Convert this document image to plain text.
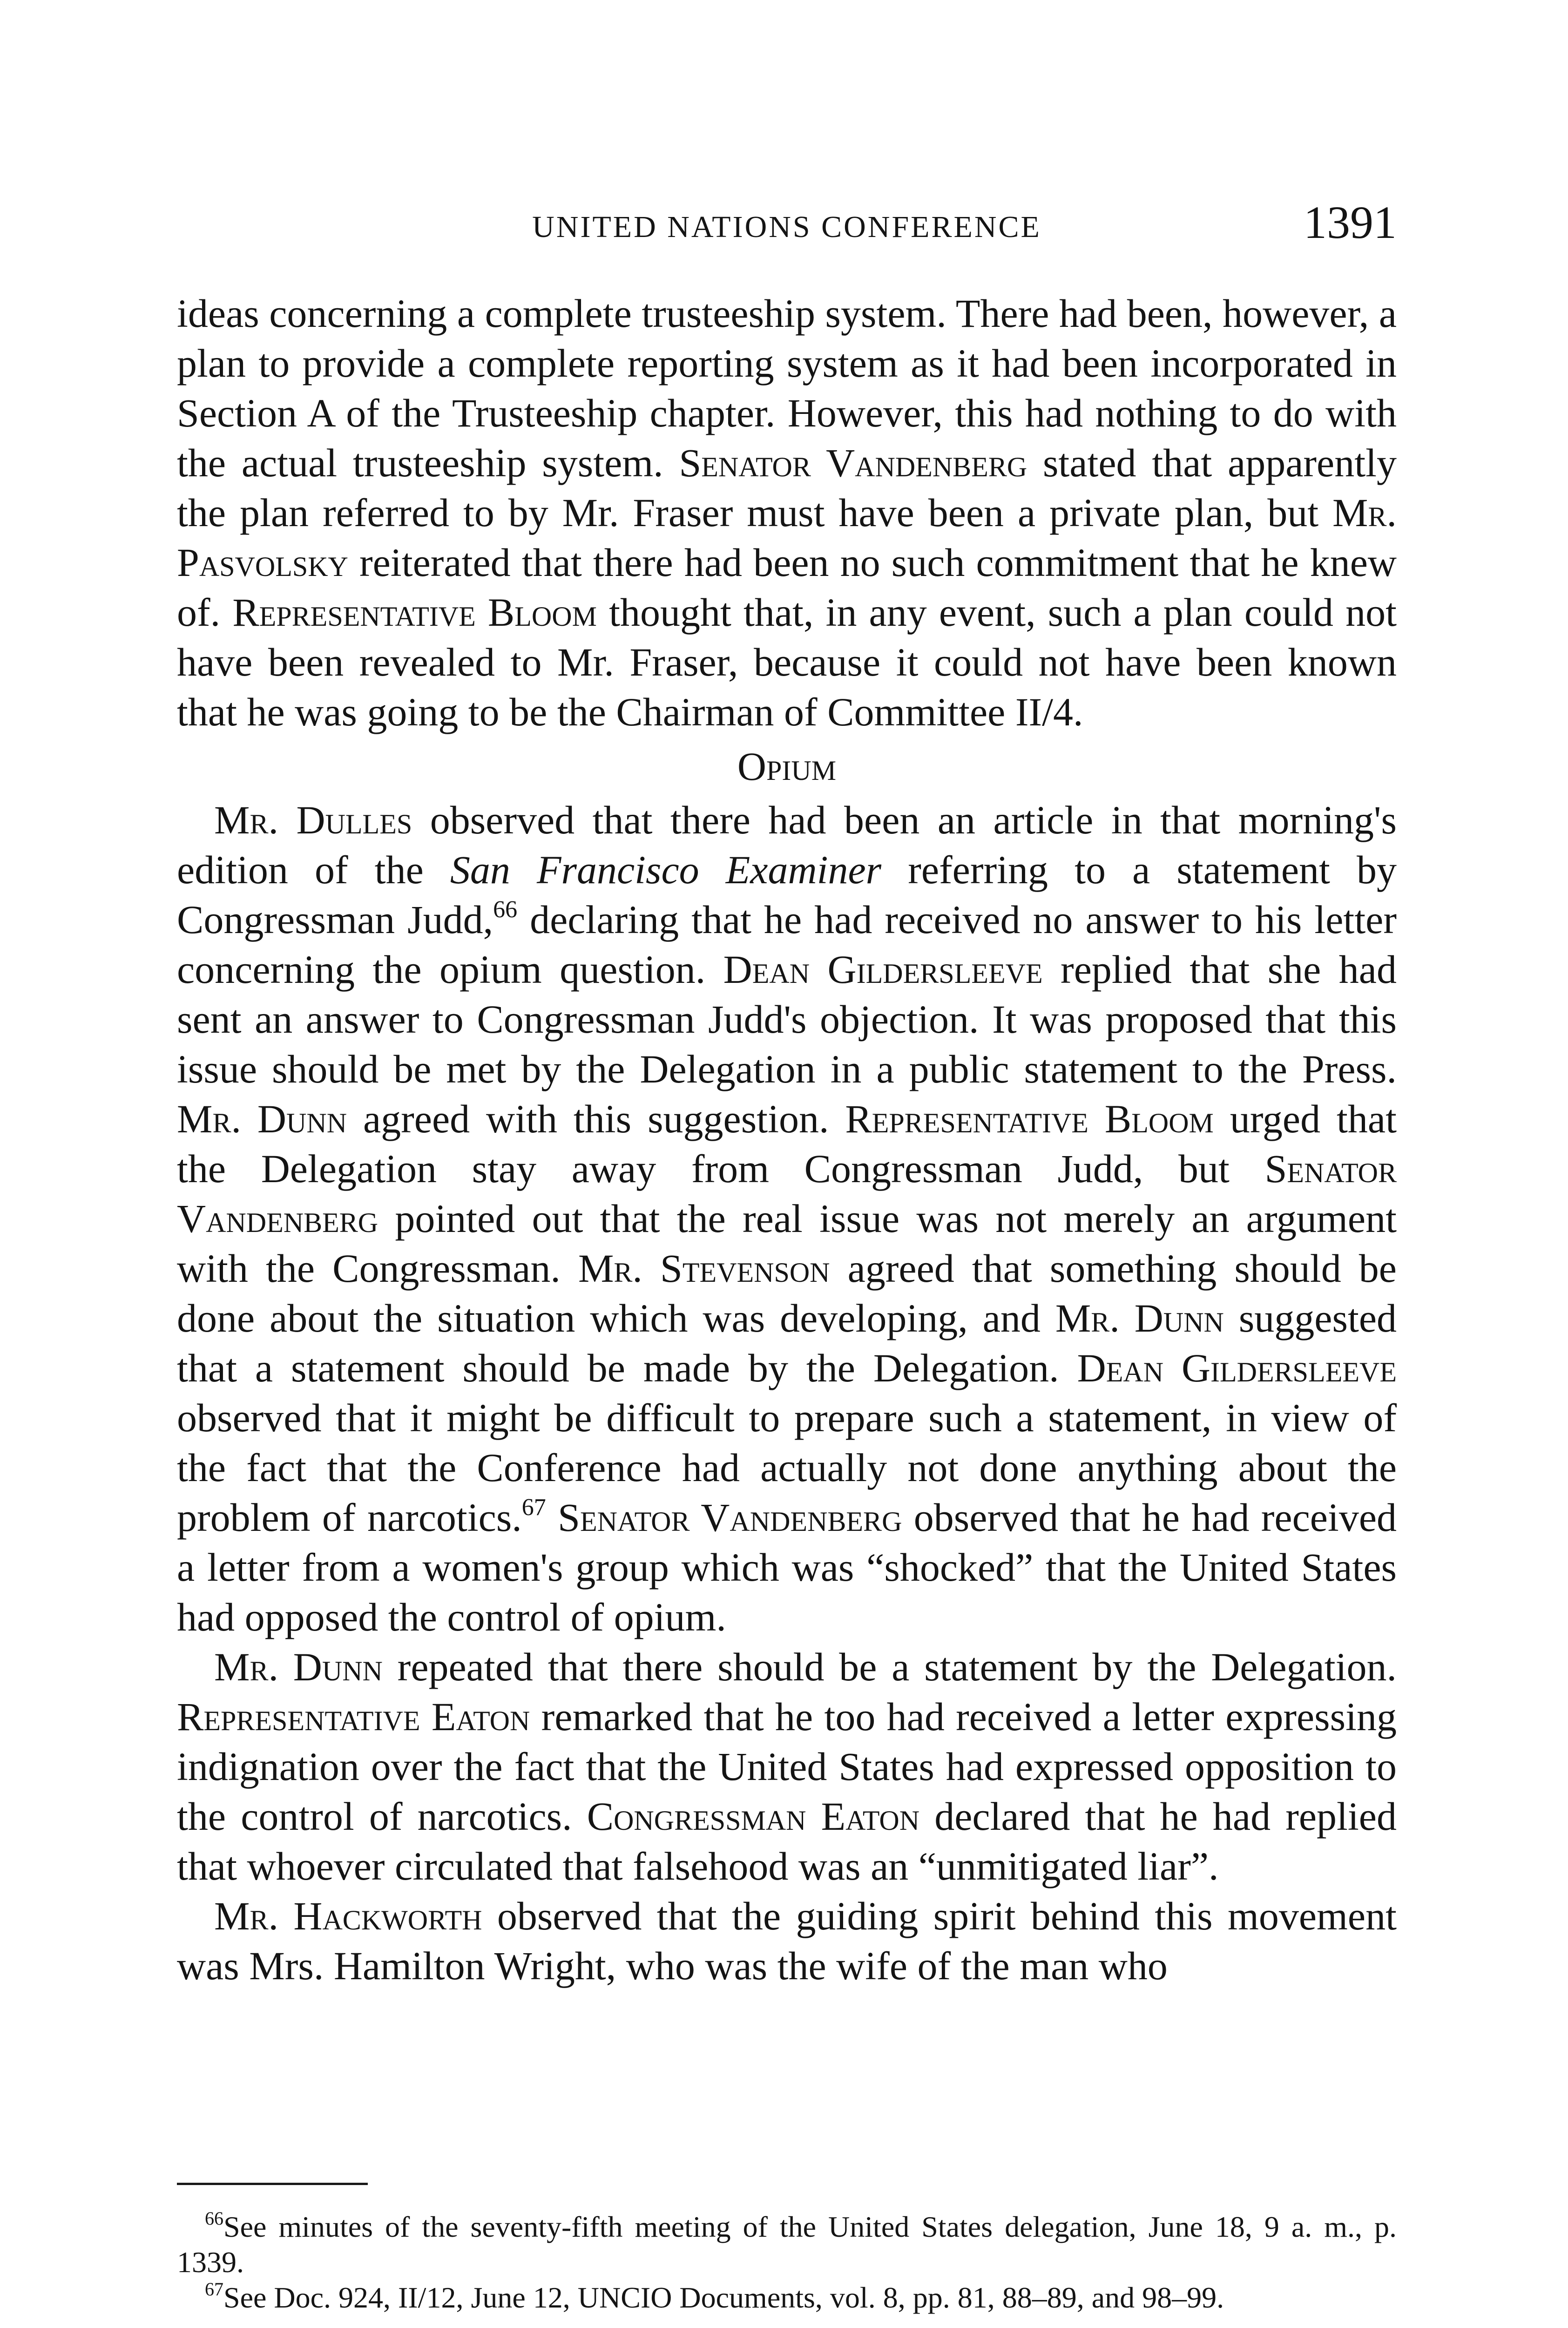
UNITED NATIONS CONFERENCE	1391

ideas concerning a complete trusteeship system. There had been, however, a plan to provide a complete reporting system as it had been incorporated in Section A of the Trusteeship chapter. However, this had nothing to do with the actual trusteeship system. Senator Vandenberg stated that apparently the plan referred to by Mr. Fraser must have been a private plan, but Mr. Pasvolsky reiterated that there had been no such commitment that he knew of. Representative Bloom thought that, in any event, such a plan could not have been revealed to Mr. Fraser, because it could not have been known that he was going to be the Chairman of Committee II/4.

Opium

Mr. Dulles observed that there had been an article in that morning's edition of the San Francisco Examiner referring to a statement by Congressman Judd,$^{66}$ declaring that he had received no answer to his letter concerning the opium question. Dean Gildersleeve replied that she had sent an answer to Congressman Judd's objection. It was proposed that this issue should be met by the Delegation in a public statement to the Press. Mr. Dunn agreed with this suggestion. Representative Bloom urged that the Delegation stay away from Congressman Judd, but Senator Vandenberg pointed out that the real issue was not merely an argument with the Congressman. Mr. Stevenson agreed that something should be done about the situation which was developing, and Mr. Dunn suggested that a statement should be made by the Delegation. Dean Gildersleeve observed that it might be difficult to prepare such a statement, in view of the fact that the Conference had actually not done anything about the problem of narcotics.$^{67}$ Senator Vandenberg observed that he had received a letter from a women's group which was “shocked” that the United States had opposed the control of opium.

Mr. Dunn repeated that there should be a statement by the Delegation. Representative Eaton remarked that he too had received a letter expressing indignation over the fact that the United States had expressed opposition to the control of narcotics. Congressman Eaton declared that he had replied that whoever circulated that falsehood was an “unmitigated liar”.

Mr. Hackworth observed that the guiding spirit behind this movement was Mrs. Hamilton Wright, who was the wife of the man who

$^{66}$See minutes of the seventy-fifth meeting of the United States delegation, June 18, 9 a. m., p. 1339.

$^{67}$See Doc. 924, II/12, June 12, UNCIO Documents, vol. 8, pp. 81, 88–89, and 98–99.
